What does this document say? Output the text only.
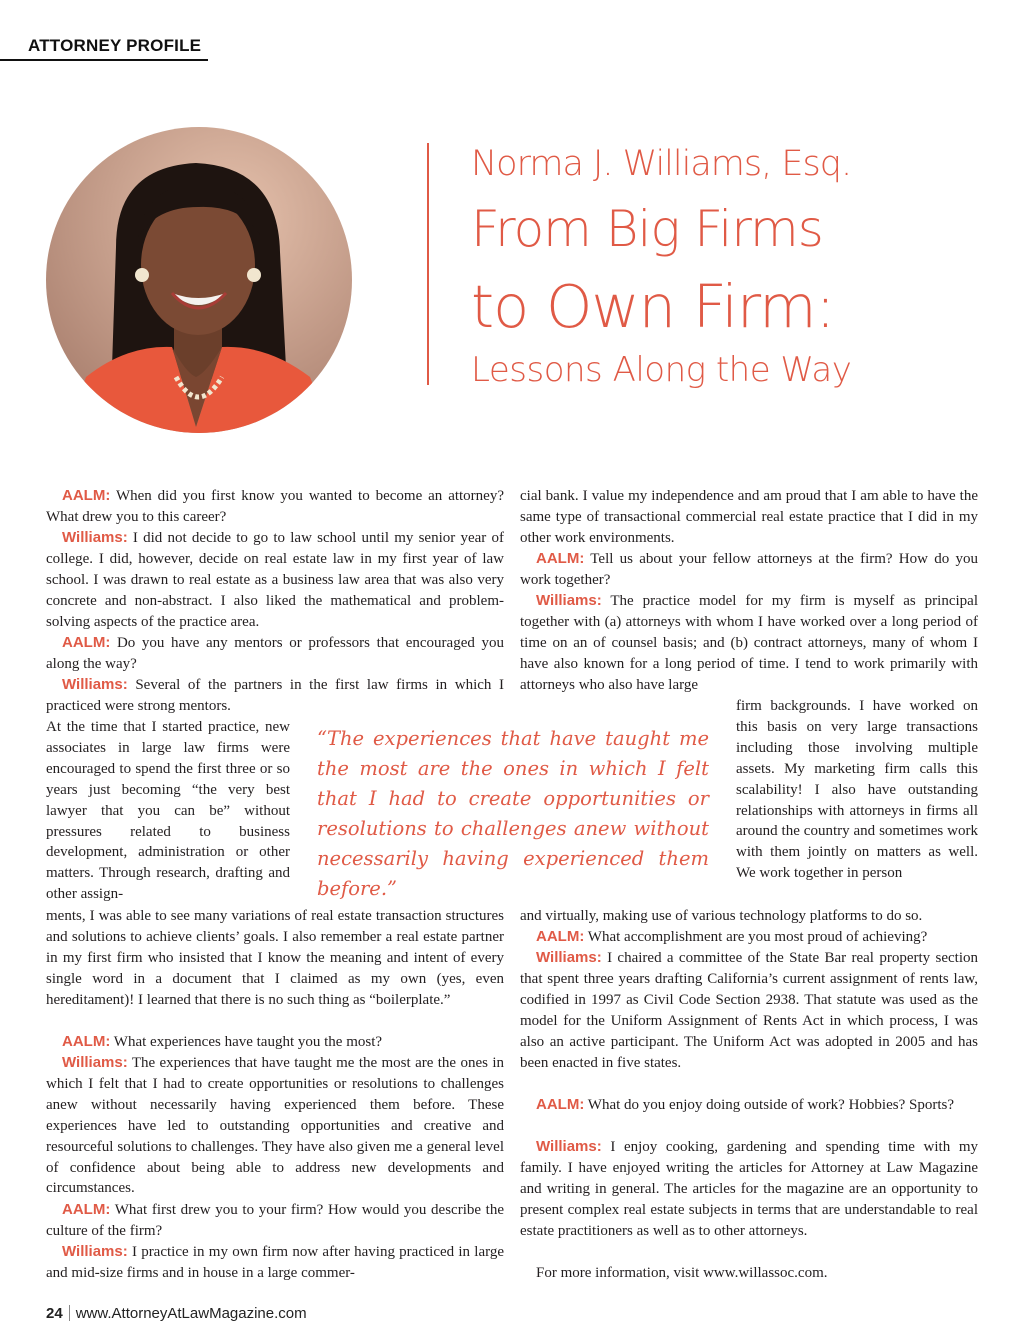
ATTORNEY PROFILE
Norma J. Williams, Esq.
From Big Firms
to Own Firm:
Lessons Along the Way

AALM: When did you first know you wanted to become an attorney? What drew you to this career?

Williams: I did not decide to go to law school until my senior year of college. I did, however, decide on real estate law in my first year of law school. I was drawn to real estate as a business law area that was also very concrete and non-abstract. I also liked the mathematical and problem-solving aspects of the practice area.

AALM: Do you have any mentors or professors that encouraged you along the way?

Williams: Several of the partners in the first law firms in which I practiced were strong mentors.

At the time that I started practice, new associates in large law firms were encouraged to spend the first three or so years just becoming “the very best lawyer that you can be” without pressures related to business development, administration or other matters. Through research, drafting and other assign-

ments, I was able to see many variations of real estate transaction structures and solutions to achieve clients’ goals. I also remember a real estate partner in my first firm who insisted that I know the meaning and intent of every single word in a document that I claimed as my own (yes, even hereditament)! I learned that there is no such thing as “boilerplate.”

AALM: What experiences have taught you the most?

Williams: The experiences that have taught me the most are the ones in which I felt that I had to create opportunities or resolutions to challenges anew without necessarily having experienced them before. These experiences have led to outstanding opportunities and creative and resourceful solutions to challenges. They have also given me a general level of confidence about being able to address new developments and circumstances.

AALM: What first drew you to your firm? How would you describe the culture of the firm?

Williams: I practice in my own firm now after having practiced in large and mid-size firms and in house in a large commer-

cial bank. I value my independence and am proud that I am able to have the same type of transactional commercial real estate practice that I did in my other work environments.

AALM: Tell us about your fellow attorneys at the firm? How do you work together?

Williams: The practice model for my firm is myself as principal together with (a) attorneys with whom I have worked over a long period of time on an of counsel basis; and (b) contract attorneys, many of whom I have also known for a long period of time. I tend to work primarily with attorneys who also have large

firm backgrounds. I have worked on this basis on very large transactions including those involving multiple assets. My marketing firm calls this scalability! I also have outstanding relationships with attorneys in firms all around the country and sometimes work with them jointly on matters as well. We work together in person

and virtually, making use of various technology platforms to do so.

AALM: What accomplishment are you most proud of achieving?

Williams: I chaired a committee of the State Bar real property section that spent three years drafting California’s current assignment of rents law, codified in 1997 as Civil Code Section 2938. That statute was used as the model for the Uniform Assignment of Rents Act in which process, I was also an active participant. The Uniform Act was adopted in 2005 and has been enacted in five states.

AALM: What do you enjoy doing outside of work? Hobbies? Sports?

Williams: I enjoy cooking, gardening and spending time with my family. I have enjoyed writing the articles for Attorney at Law Magazine and writing in general. The articles for the magazine are an opportunity to present complex real estate subjects in terms that are understandable to real estate practitioners as well as to other attorneys.

For more information, visit www.willassoc.com.

“The experiences that have taught me the most are the ones in which I felt that I had to create opportunities or resolutions to challenges anew without necessarily having experienced them before.”
24 www.AttorneyAtLawMagazine.com
